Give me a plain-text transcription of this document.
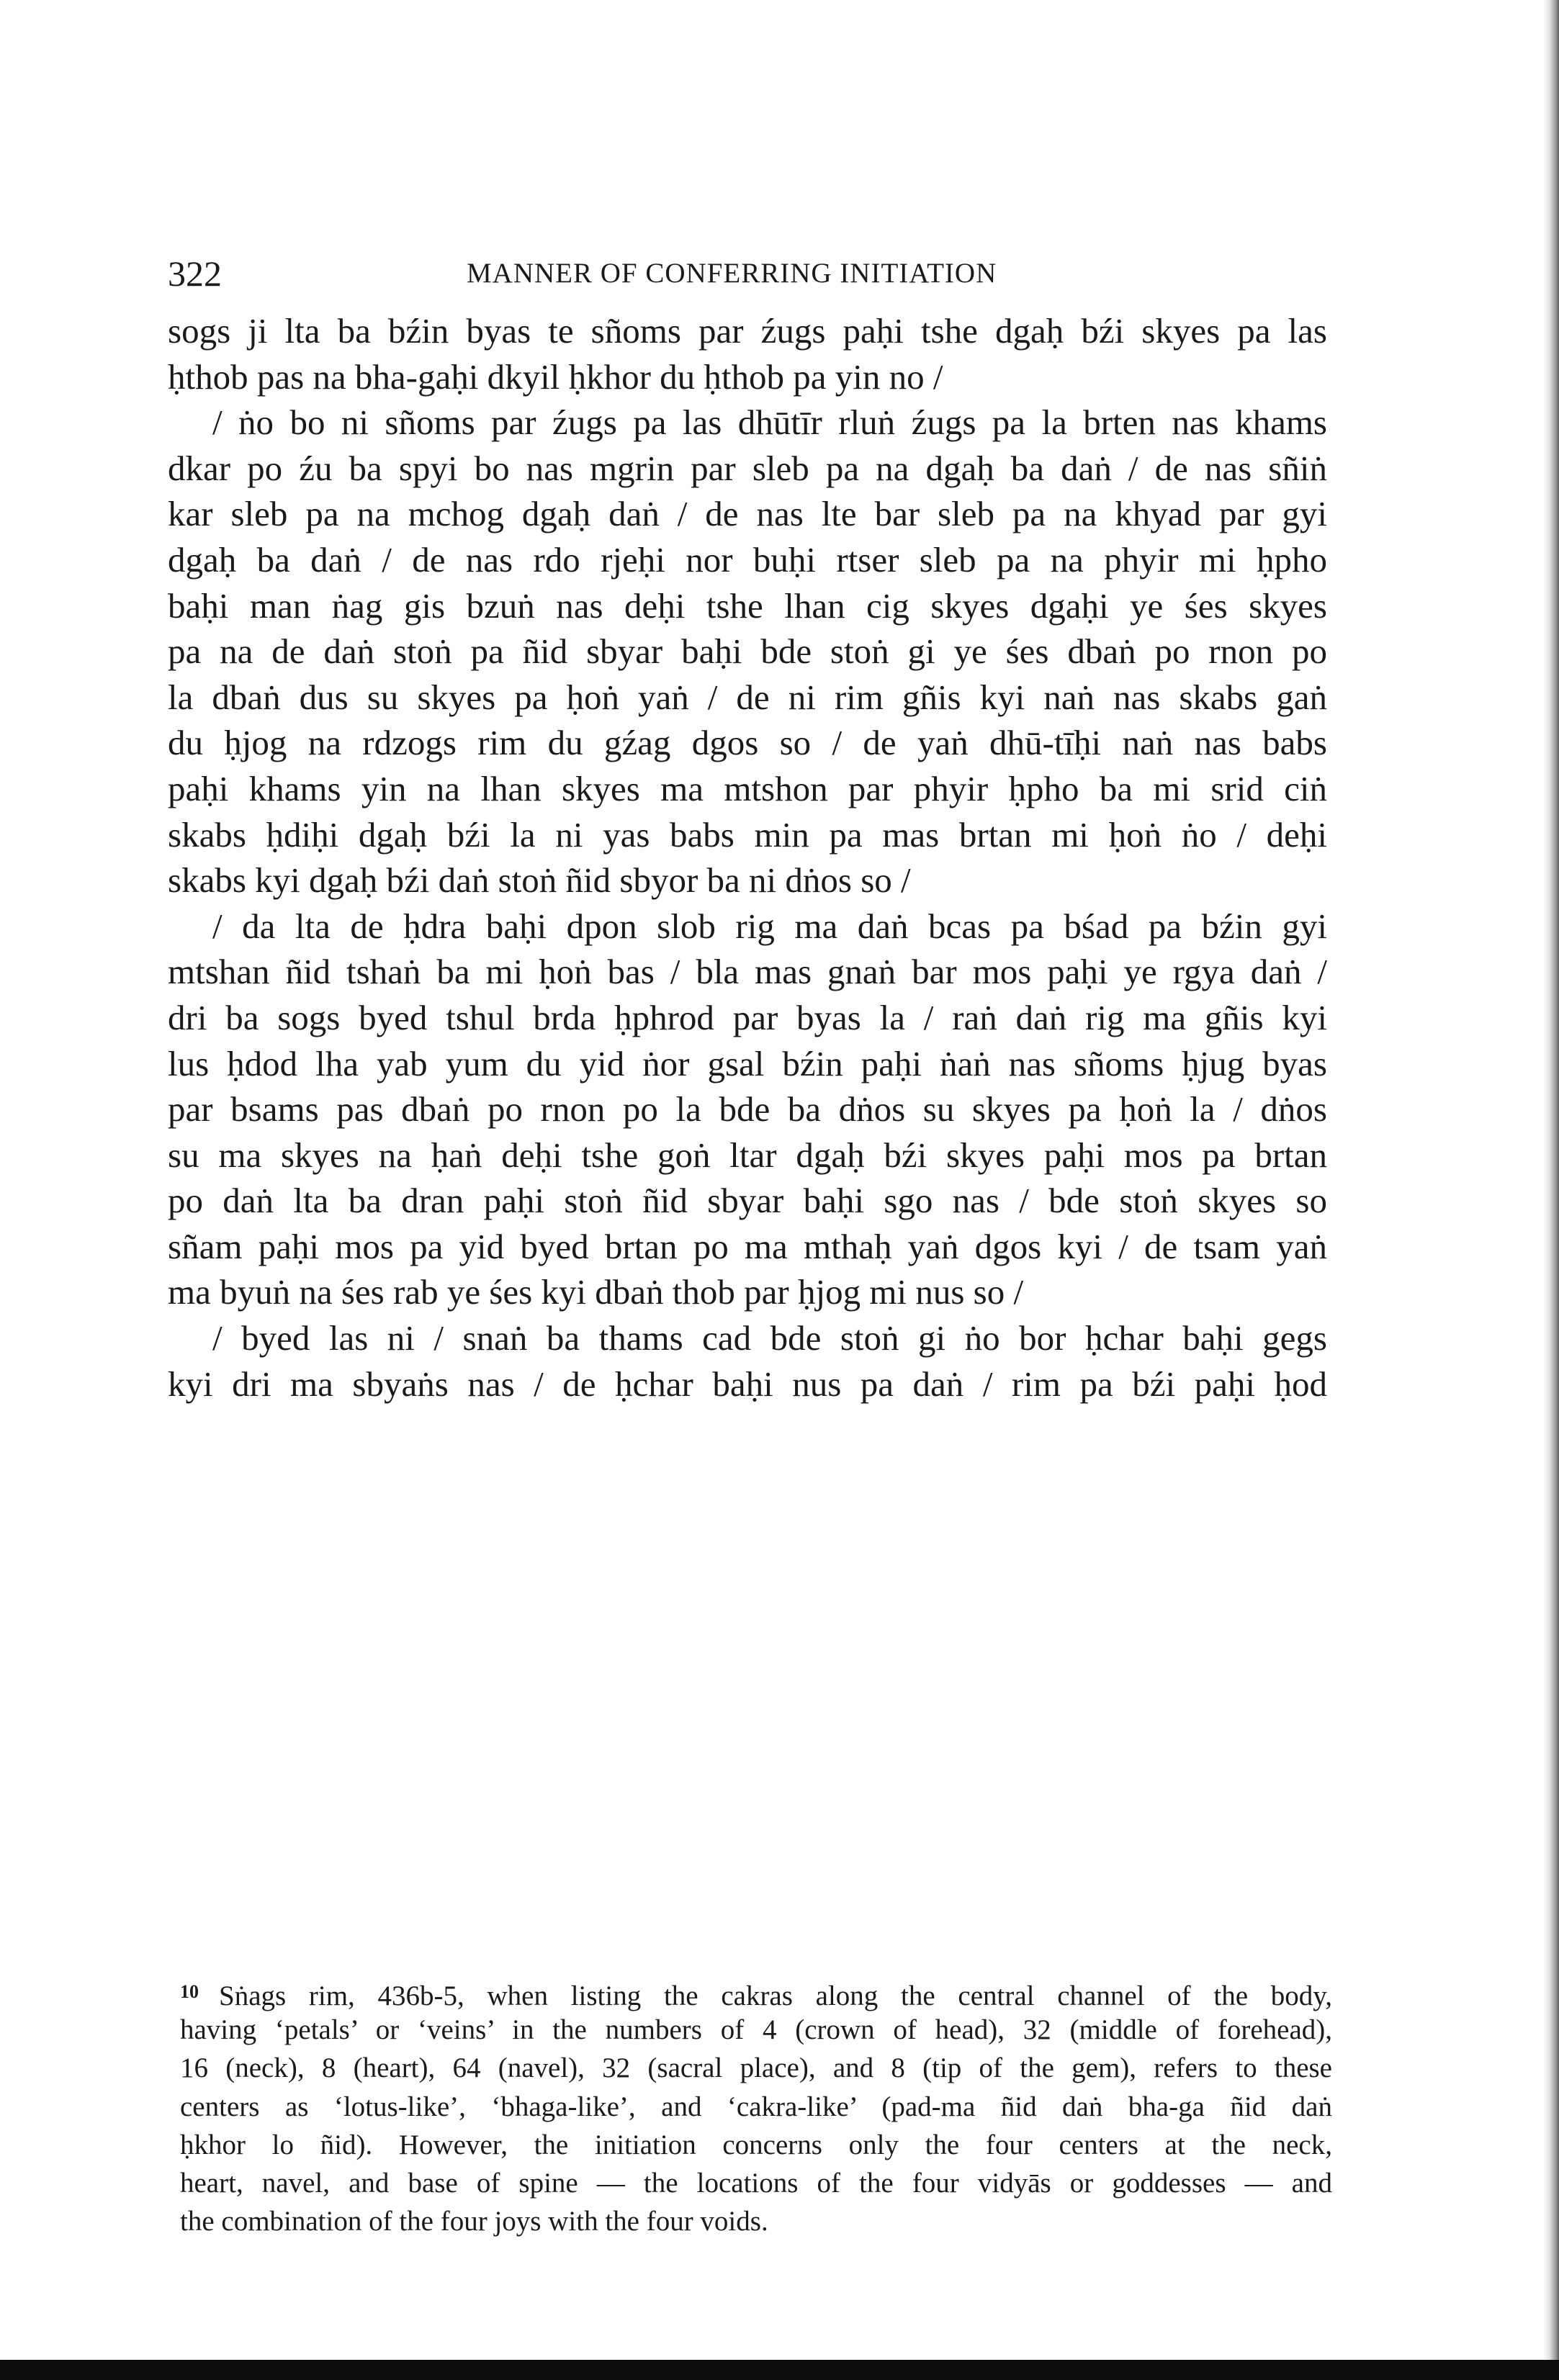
322	MANNER OF CONFERRING INITIATION
sogs ji lta ba bźin byas te sñoms par źugs paḥi tshe dgaḥ bźi skyes pa las
ḥthob pas na bha-gaḥi dkyil ḥkhor du ḥthob pa yin no /
/ ṅo bo ni sñoms par źugs pa las dhūtīr rluṅ źugs pa la brten nas khams
dkar po źu ba spyi bo nas mgrin par sleb pa na dgaḥ ba daṅ / de nas sñiṅ
kar sleb pa na mchog dgaḥ daṅ / de nas lte bar sleb pa na khyad par gyi
dgaḥ ba daṅ / de nas rdo rjeḥi nor buḥi rtser sleb pa na phyir mi ḥpho
baḥi man ṅag gis bzuṅ nas deḥi tshe lhan cig skyes dgaḥi ye śes skyes
pa na de daṅ stoṅ pa ñid sbyar baḥi bde stoṅ gi ye śes dbaṅ po rnon po
la dbaṅ dus su skyes pa ḥoṅ yaṅ / de ni rim gñis kyi naṅ nas skabs gaṅ
du ḥjog na rdzogs rim du gźag dgos so / de yaṅ dhū-tīḥi naṅ nas babs
paḥi khams yin na lhan skyes ma mtshon par phyir ḥpho ba mi srid ciṅ
skabs ḥdiḥi dgaḥ bźi la ni yas babs min pa mas brtan mi ḥoṅ ṅo / deḥi
skabs kyi dgaḥ bźi daṅ stoṅ ñid sbyor ba ni dṅos so /
/ da lta de ḥdra baḥi dpon slob rig ma daṅ bcas pa bśad pa bźin gyi
mtshan ñid tshaṅ ba mi ḥoṅ bas / bla mas gnaṅ bar mos paḥi ye rgya daṅ /
dri ba sogs byed tshul brda ḥphrod par byas la / raṅ daṅ rig ma gñis kyi
lus ḥdod lha yab yum du yid ṅor gsal bźin paḥi ṅaṅ nas sñoms ḥjug byas
par bsams pas dbaṅ po rnon po la bde ba dṅos su skyes pa ḥoṅ la / dṅos
su ma skyes na ḥaṅ deḥi tshe goṅ ltar dgaḥ bźi skyes paḥi mos pa brtan
po daṅ lta ba dran paḥi stoṅ ñid sbyar baḥi sgo nas / bde stoṅ skyes so
sñam paḥi mos pa yid byed brtan po ma mthaḥ yaṅ dgos kyi / de tsam yaṅ
ma byuṅ na śes rab ye śes kyi dbaṅ thob par ḥjog mi nus so /
/ byed las ni / snaṅ ba thams cad bde stoṅ gi ṅo bor ḥchar baḥi gegs
kyi dri ma sbyaṅs nas / de ḥchar baḥi nus pa daṅ / rim pa bźi paḥi ḥod
$^{10}$ Sṅags rim, 436b-5, when listing the cakras along the central channel of the body,
having ‘petals’ or ‘veins’ in the numbers of 4 (crown of head), 32 (middle of forehead),
16 (neck), 8 (heart), 64 (navel), 32 (sacral place), and 8 (tip of the gem), refers to these
centers as ‘lotus-like’, ‘bhaga-like’, and ‘cakra-like’ (pad-ma ñid daṅ bha-ga ñid daṅ
ḥkhor lo ñid). However, the initiation concerns only the four centers at the neck,
heart, navel, and base of spine — the locations of the four vidyās or goddesses — and
the combination of the four joys with the four voids.
